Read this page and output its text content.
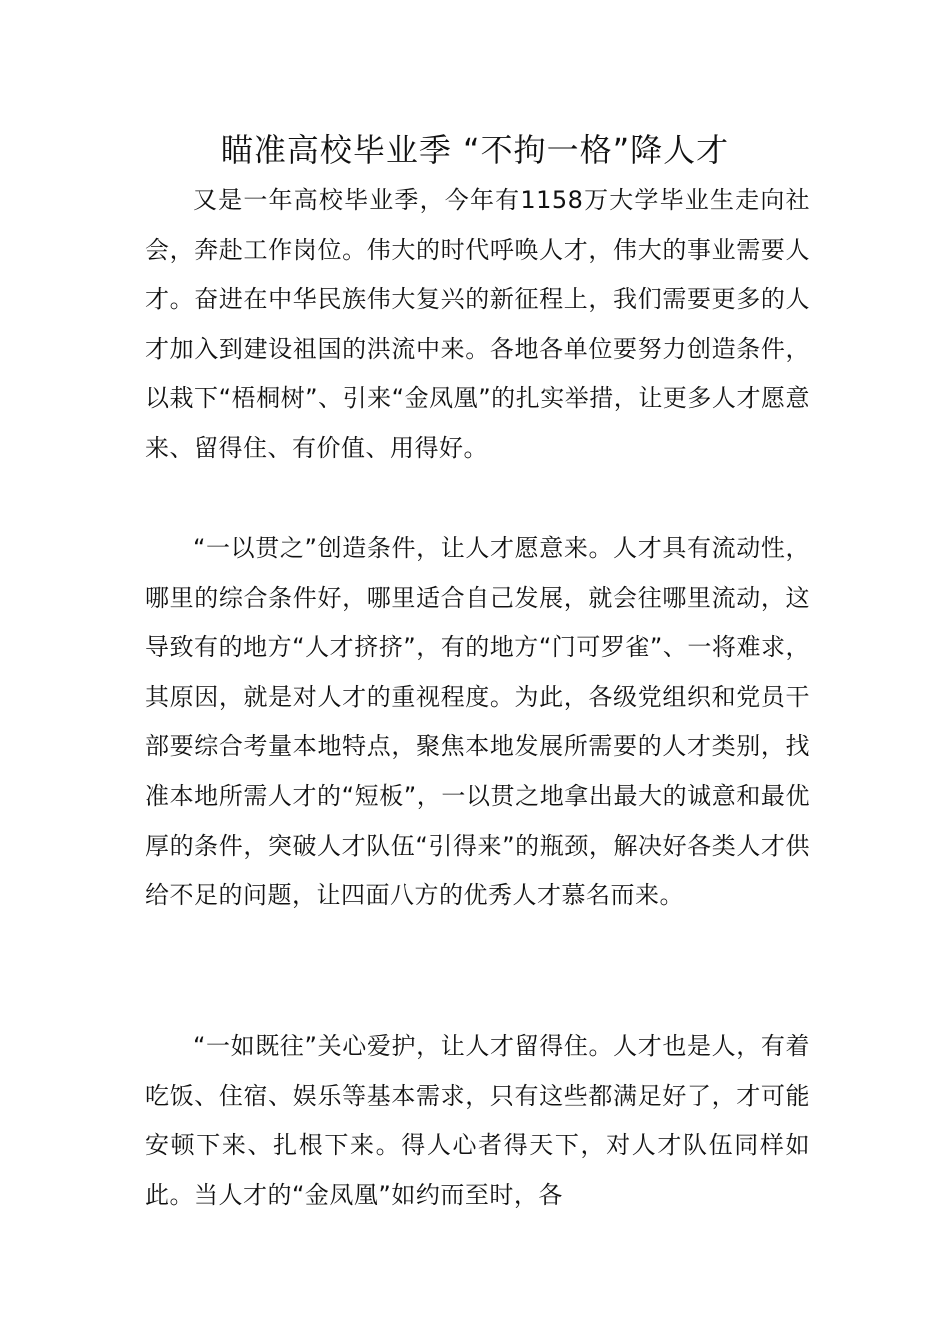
瞄准高校毕业季 “不拘一格”降人才

又是一年高校毕业季，今年有1158万大学毕业生走向社会，奔赴工作岗位。伟大的时代呼唤人才，伟大的事业需要人才。奋进在中华民族伟大复兴的新征程上，我们需要更多的人才加入到建设祖国的洪流中来。各地各单位要努力创造条件，以栽下“梧桐树”、引来“金凤凰”的扎实举措，让更多人才愿意来、留得住、有价值、用得好。

“一以贯之”创造条件，让人才愿意来。人才具有流动性，哪里的综合条件好，哪里适合自己发展，就会往哪里流动，这导致有的地方“人才挤挤”，有的地方“门可罗雀”、一将难求，其原因，就是对人才的重视程度。为此，各级党组织和党员干部要综合考量本地特点，聚焦本地发展所需要的人才类别，找准本地所需人才的“短板”，一以贯之地拿出最大的诚意和最优厚的条件，突破人才队伍“引得来”的瓶颈，解决好各类人才供给不足的问题，让四面八方的优秀人才慕名而来。

“一如既往”关心爱护，让人才留得住。人才也是人，有着吃饭、住宿、娱乐等基本需求，只有这些都满足好了，才可能安顿下来、扎根下来。得人心者得天下，对人才队伍同样如此。当人才的“金凤凰”如约而至时，各
